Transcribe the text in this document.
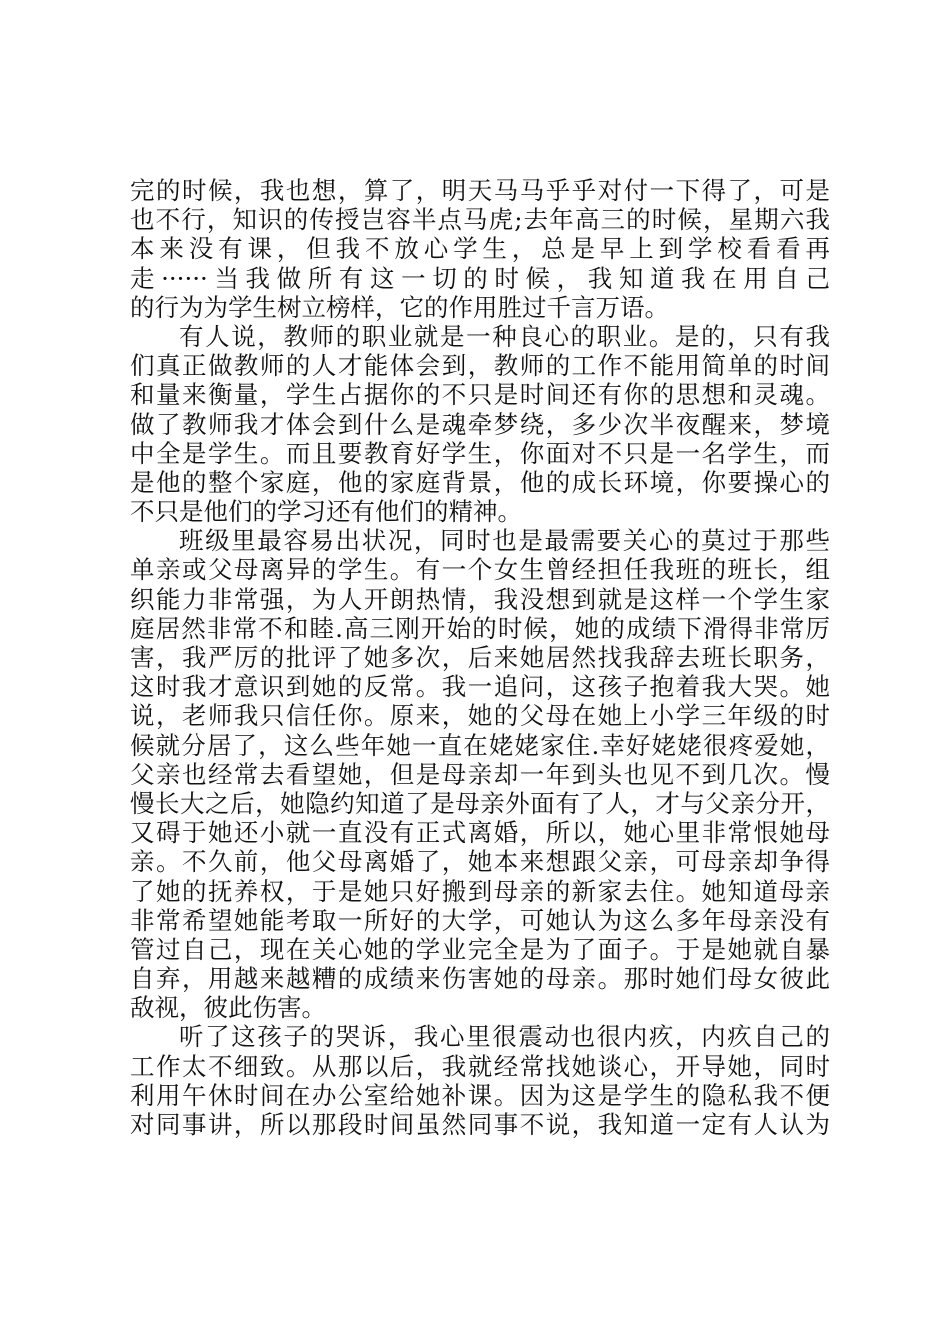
完的时候，我也想，算了，明天马马乎乎对付一下得了，可是
也不行，知识的传授岂容半点马虎;去年高三的时候，星期六我
本来没有课，但我不放心学生，总是早上到学校看看再
走······当我做所有这一切的时候，我知道我在用自己
的行为为学生树立榜样，它的作用胜过千言万语。
有人说，教师的职业就是一种良心的职业。是的，只有我
们真正做教师的人才能体会到，教师的工作不能用简单的时间
和量来衡量，学生占据你的不只是时间还有你的思想和灵魂。
做了教师我才体会到什么是魂牵梦绕，多少次半夜醒来，梦境
中全是学生。而且要教育好学生，你面对不只是一名学生，而
是他的整个家庭，他的家庭背景，他的成长环境，你要操心的
不只是他们的学习还有他们的精神。
班级里最容易出状况，同时也是最需要关心的莫过于那些
单亲或父母离异的学生。有一个女生曾经担任我班的班长，组
织能力非常强，为人开朗热情，我没想到就是这样一个学生家
庭居然非常不和睦.高三刚开始的时候，她的成绩下滑得非常厉
害，我严厉的批评了她多次，后来她居然找我辞去班长职务，
这时我才意识到她的反常。我一追问，这孩子抱着我大哭。她
说，老师我只信任你。原来，她的父母在她上小学三年级的时
候就分居了，这么些年她一直在姥姥家住.幸好姥姥很疼爱她，
父亲也经常去看望她，但是母亲却一年到头也见不到几次。慢
慢长大之后，她隐约知道了是母亲外面有了人，才与父亲分开，
又碍于她还小就一直没有正式离婚，所以，她心里非常恨她母
亲。不久前，他父母离婚了，她本来想跟父亲，可母亲却争得
了她的抚养权，于是她只好搬到母亲的新家去住。她知道母亲
非常希望她能考取一所好的大学，可她认为这么多年母亲没有
管过自己，现在关心她的学业完全是为了面子。于是她就自暴
自弃，用越来越糟的成绩来伤害她的母亲。那时她们母女彼此
敌视，彼此伤害。
听了这孩子的哭诉，我心里很震动也很内疚，内疚自己的
工作太不细致。从那以后，我就经常找她谈心，开导她，同时
利用午休时间在办公室给她补课。因为这是学生的隐私我不便
对同事讲，所以那段时间虽然同事不说，我知道一定有人认为
